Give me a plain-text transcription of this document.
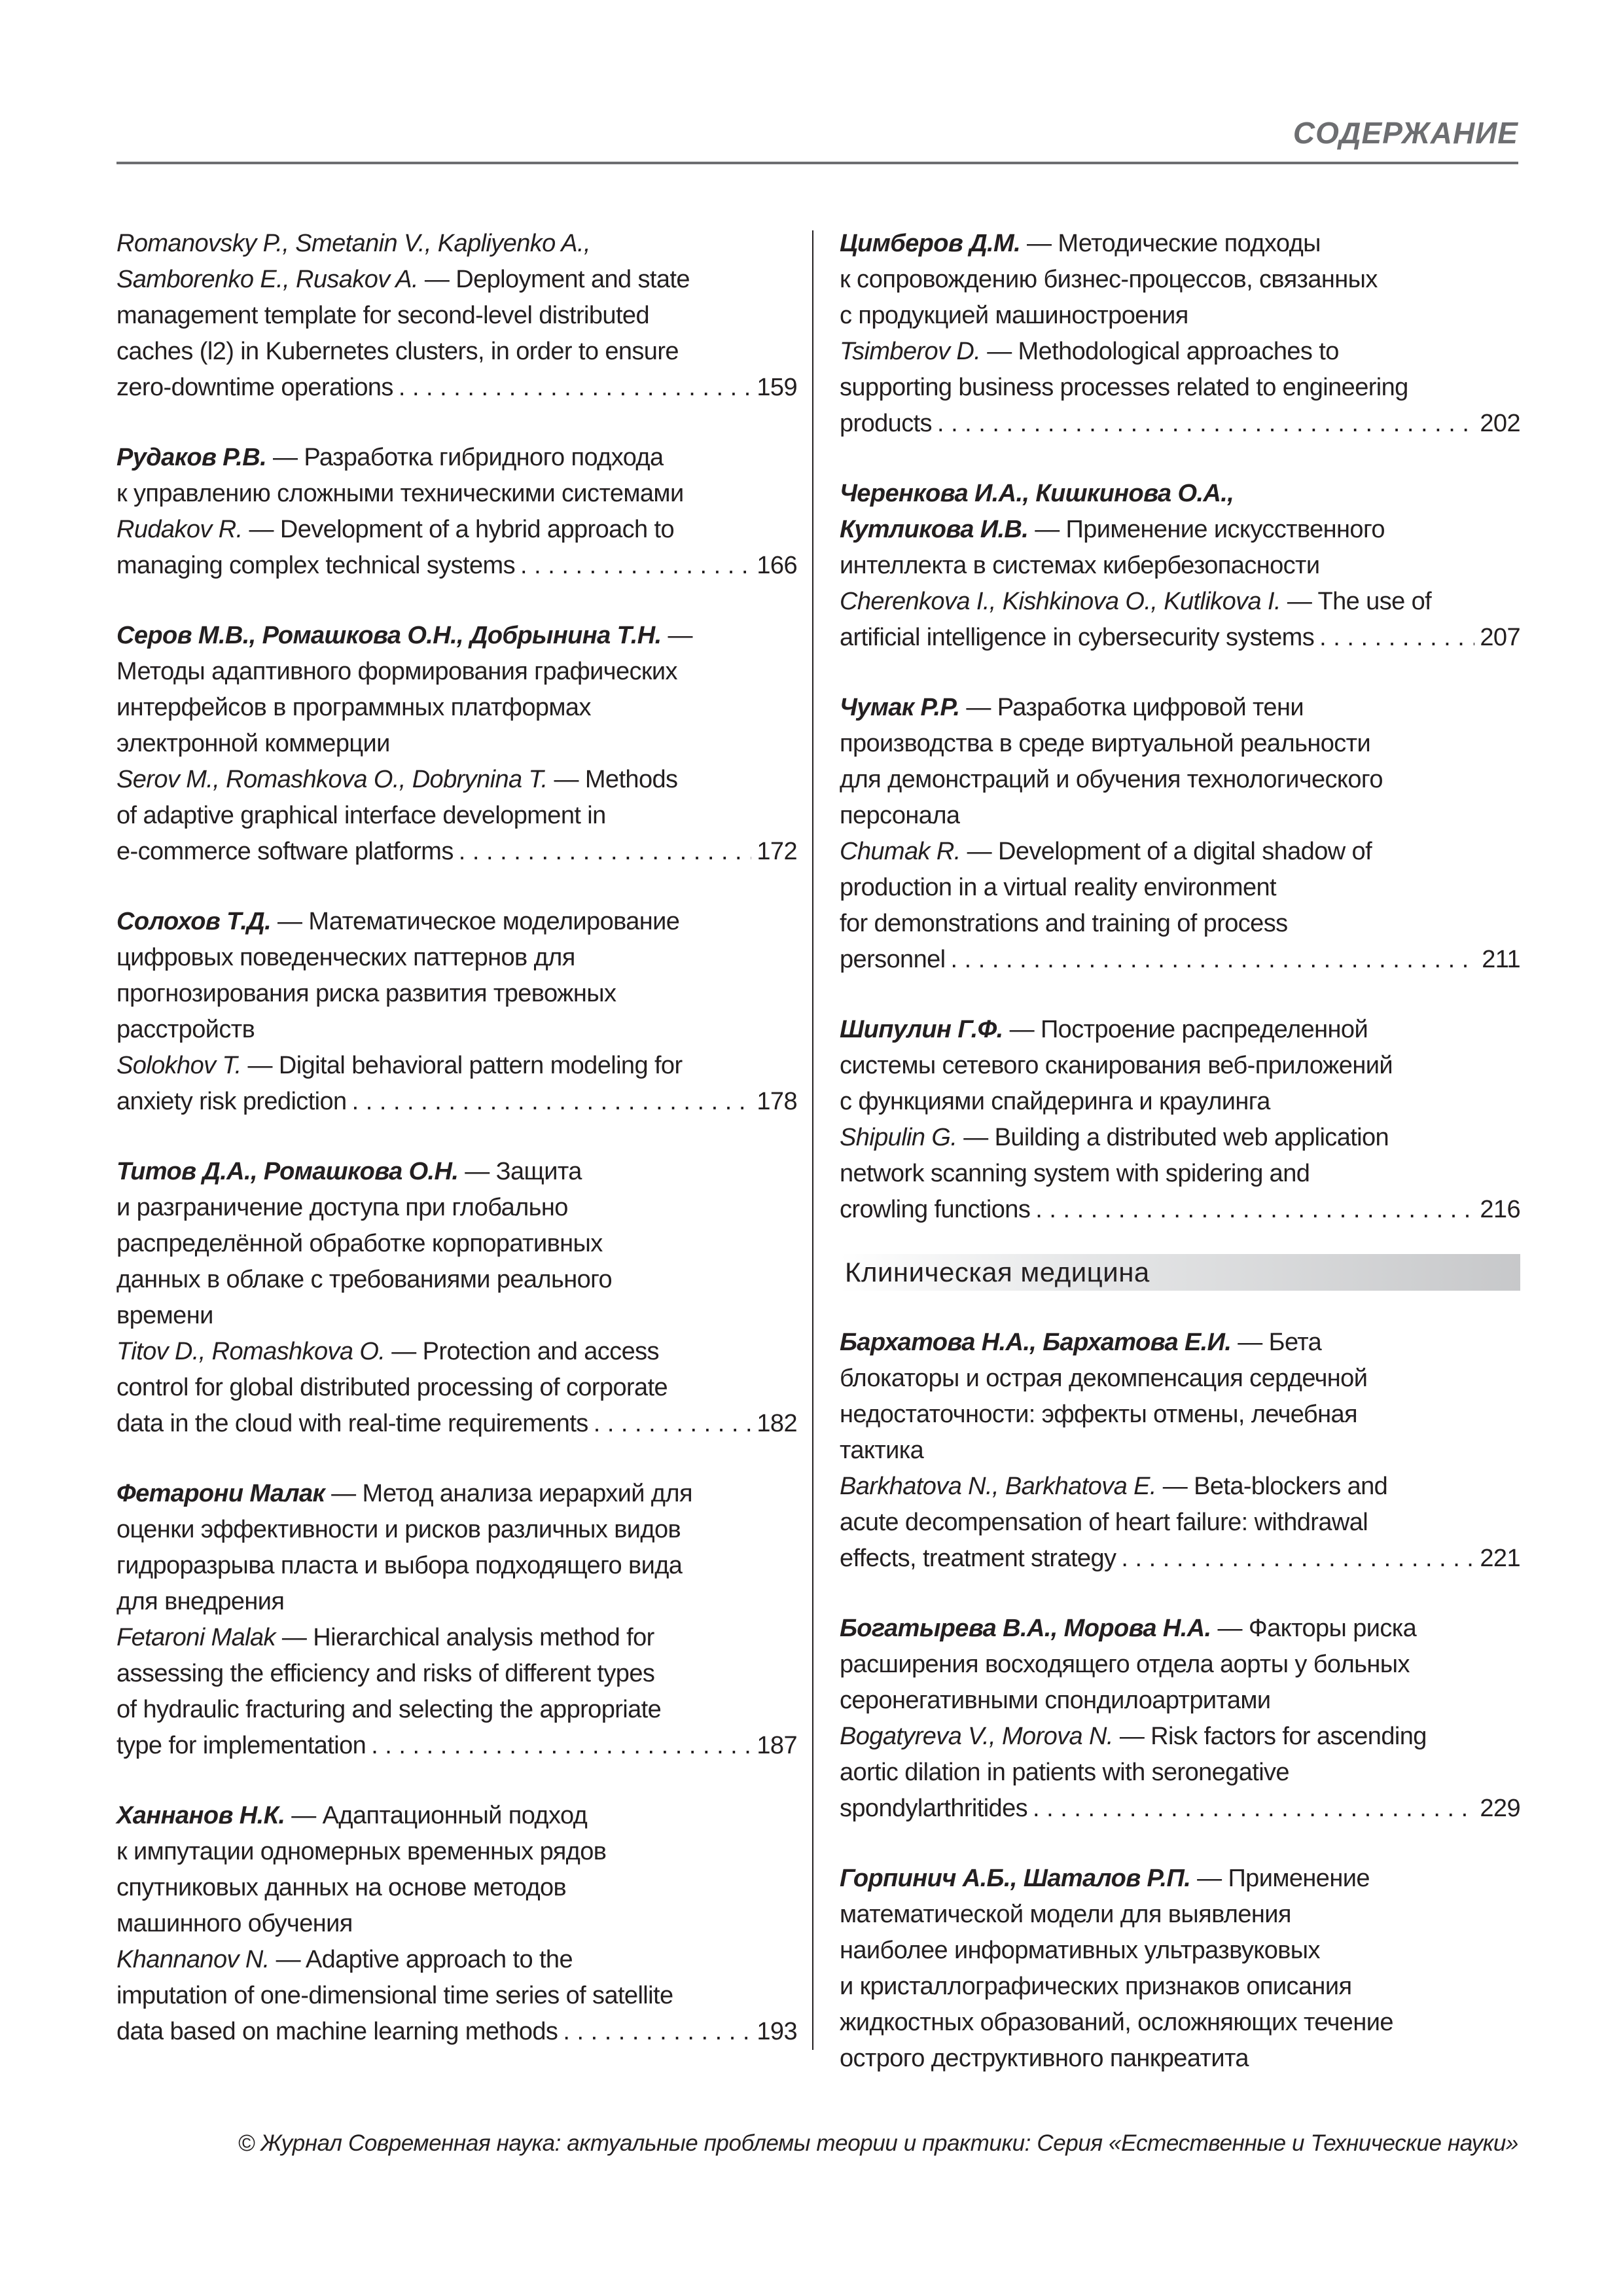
СОДЕРЖАНИЕ
Romanovsky P., Smetanin V., Kapliyenko A.,
Samborenko E., Rusakov A. — Deployment and state
management template for second-level distributed
caches (l2) in Kubernetes clusters, in order to ensure
zero-downtime operations . . .	159
Рудаков Р.В. — Разработка гибридного подхода
к управлению сложными техническими системами
Rudakov R. — Development of a hybrid approach to
managing complex technical systems . . .	166
Серов М.В., Ромашкова О.Н., Добрынина Т.Н. —
Методы адаптивного формирования графических
интерфейсов в программных платформах
электронной коммерции
Serov M., Romashkova O., Dobrynina T. — Methods
of adaptive graphical interface development in
e-commerce software platforms . . .	172
Солохов Т.Д. — Математическое моделирование
цифровых поведенческих паттернов для
прогнозирования риска развития тревожных
расстройств
Solokhov T. — Digital behavioral pattern modeling for
anxiety risk prediction . . .	178
Титов Д.А., Ромашкова О.Н. — Защита
и разграничение доступа при глобально
распределённой обработке корпоративных
данных в облаке с требованиями реального
времени
Titov D., Romashkova O. — Protection and access
control for global distributed processing of corporate
data in the cloud with real-time requirements . . .	182
Фетарони Малак — Метод анализа иерархий для
оценки эффективности и рисков различных видов
гидроразрыва пласта и выбора подходящего вида
для внедрения
Fetaroni Malak — Hierarchical analysis method for
assessing the efficiency and risks of different types
of hydraulic fracturing and selecting the appropriate
type for implementation . . .	187
Ханнанов Н.К. — Адаптационный подход
к импутации одномерных временных рядов
спутниковых данных на основе методов
машинного обучения
Khannanov N. — Adaptive approach to the
imputation of one-dimensional time series of satellite
data based on machine learning methods . . .	193
Цимберов Д.М. — Методические подходы
к сопровождению бизнес-процессов, связанных
с продукцией машиностроения
Tsimberov D. — Methodological approaches to
supporting business processes related to engineering
products . . .	202
Черенкова И.А., Кишкинова О.А.,
Кутликова И.В. — Применение искусственного
интеллекта в системах кибербезопасности
Cherenkova I., Kishkinova O., Kutlikova I. — The use of
artificial intelligence in cybersecurity systems . . .	207
Чумак Р.Р. — Разработка цифровой тени
производства в среде виртуальной реальности
для демонстраций и обучения технологического
персонала
Chumak R. — Development of a digital shadow of
production in a virtual reality environment
for demonstrations and training of process
personnel . . .	211
Шипулин Г.Ф. — Построение распределенной
системы сетевого сканирования веб-приложений
с функциями спайдеринга и краулинга
Shipulin G. — Building a distributed web application
network scanning system with spidering and
crowling functions . . .	216
Клиническая медицина
Бархатова Н.А., Бархатова Е.И. — Бета
блокаторы и острая декомпенсация сердечной
недостаточности: эффекты отмены, лечебная
тактика
Barkhatova N., Barkhatova E. — Beta-blockers and
acute decompensation of heart failure: withdrawal
effects, treatment strategy . . .	221
Богатырева В.А., Морова Н.А. — Факторы риска
расширения восходящего отдела аорты у больных
серонегативными спондилоартритами
Bogatyreva V., Morova N. — Risk factors for ascending
aortic dilation in patients with seronegative
spondylarthritides . . .	229
Горпинич А.Б., Шаталов Р.П. — Применение
математической модели для выявления
наиболее информативных ультразвуковых
и кристаллографических признаков описания
жидкостных образований, осложняющих течение
острого деструктивного панкреатита
© Журнал Современная наука: актуальные проблемы теории и практики: Серия «Естественные и Технические науки»
